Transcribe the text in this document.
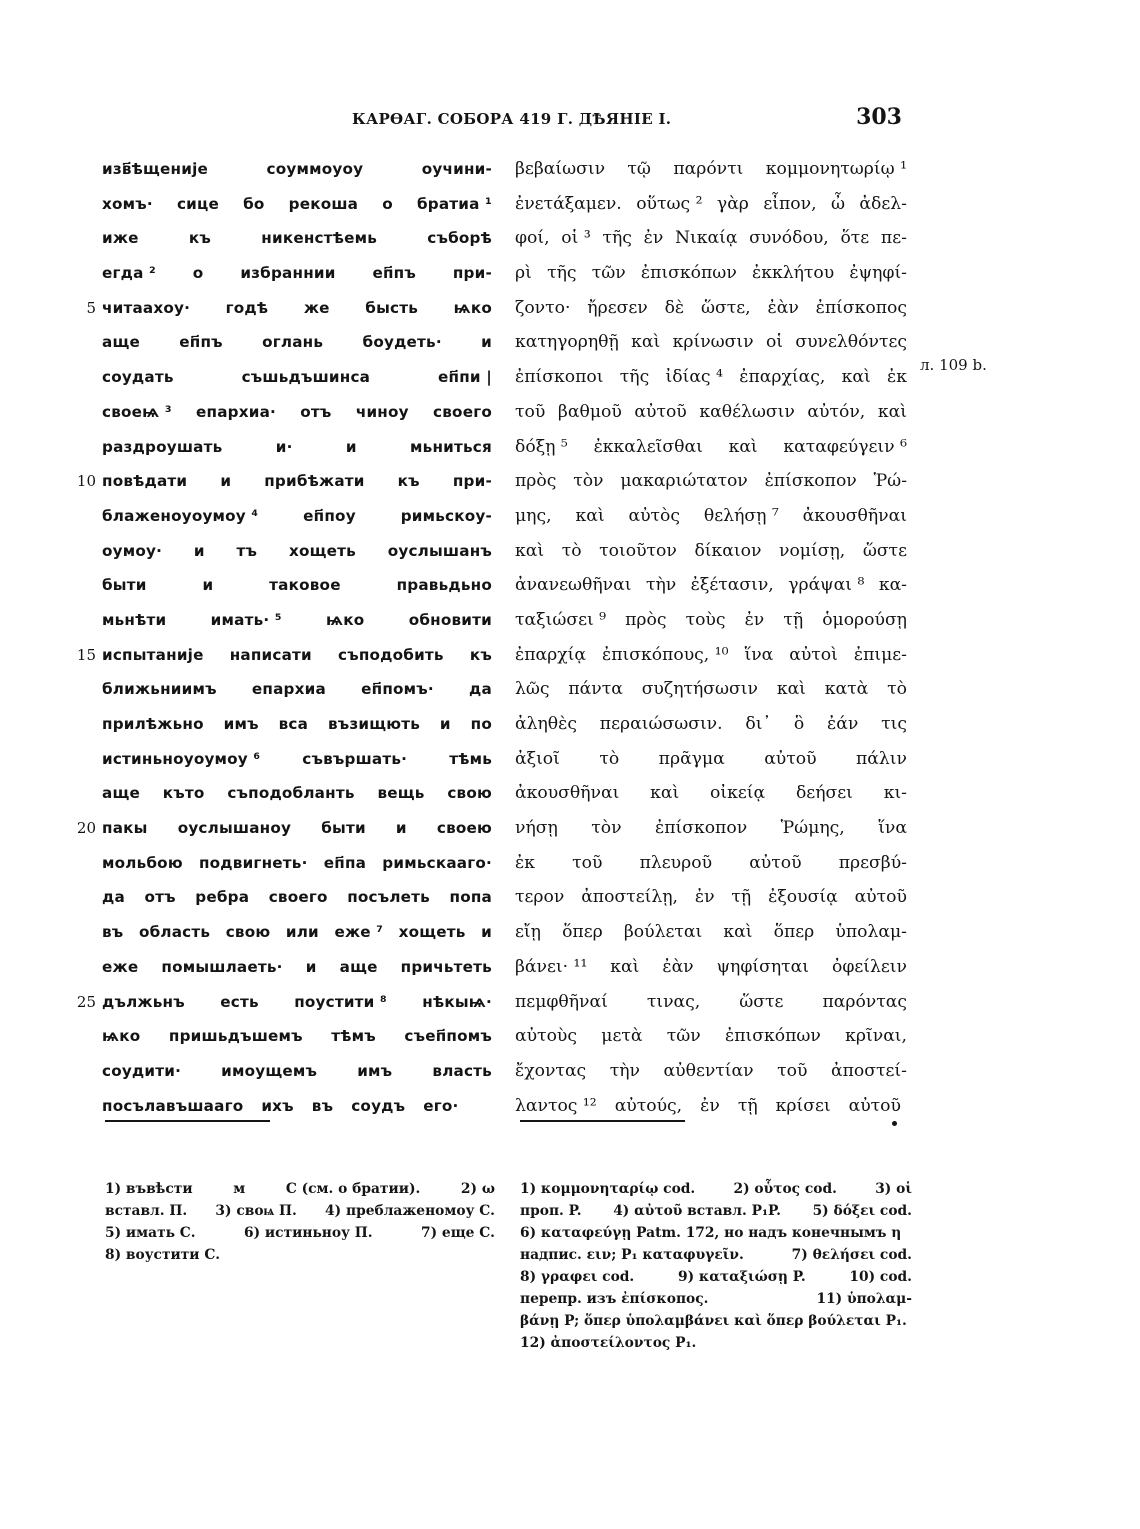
КАРѲАГ. СОБОРА 419 Г. ДѢЯНІЕ І.	303
5
10
15
20
25
изв҃ѣщеније	соуммоуоу	оучини-
хомъ· сице бо рекоша о братиа ¹
иже	къ	никенстѣемь	съборѣ
егда ² о избраннии еп҃пъ при-
читаахоу· годѣ же бысть ѩко
аще	еп҃пъ	оглань	боудеть·	и
соудать	съшьдъшинса	еп҃пи |
своеѩ ³ епархиа· отъ чиноу своего
раздроушать	и·	и	мьниться
повѣдати и прибѣжати къ при-
блаженоуоумоу ⁴	еп҃поу	римьскоу-
оумоу· и тъ хощеть оуслышанъ
быти	и	таковое	правьдьно
мьнѣти	имать· ⁵	ѩко	обновити
испытаније написати съподобить къ
ближьниимъ епархиа еп҃помъ· да
прилѣжьно имъ вса възищють и по
истиньноуоумоу ⁶	съвършать·	тѣмь
аще къто съподобланть вещь свою
пакы оуслышаноу быти и своею
мольбою подвигнеть· еп҃па римьскааго·
да отъ ребра своего посълеть попа
въ область свою или еже ⁷ хощеть и
еже помышлаеть· и аще причьтеть
дължьнъ есть поустити ⁸ нѣкыѩ·
ѩко пришьдъшемъ тѣмъ съеп҃помъ
соудити·	имоущемъ	имъ	власть
посълавъшааго ихъ въ соудъ его·
βεβαίωσιν τῷ παρόντι κομμονητωρίῳ ¹
ἐνετάξαμεν. οὕτως ² γὰρ εἶπον, ὦ ἀδελ-
φοί, οἱ ³ τῆς ἐν Νικαίᾳ συνόδου, ὅτε πε-
ρὶ τῆς τῶν ἐπισκόπων ἐκκλήτου ἐψηφί-
ζοντο· ἤρεσεν δὲ ὥστε, ἐὰν ἐπίσκοπος
κατηγορηθῇ καὶ κρίνωσιν οἱ συνελθόντες
ἐπίσκοποι τῆς ἰδίας ⁴ ἐπαρχίας, καὶ ἐκ
τοῦ βαθμοῦ αὐτοῦ καθέλωσιν αὐτόν, καὶ
δόξῃ ⁵ ἐκκαλεῖσθαι καὶ καταφεύγειν ⁶
πρὸς τὸν μακαριώτατον ἐπίσκοπον Ῥώ-
μης, καὶ αὐτὸς θελήσῃ ⁷ ἀκουσθῆναι
καὶ τὸ τοιοῦτον δίκαιον νομίσῃ, ὥστε
ἀνανεωθῆναι τὴν ἐξέτασιν, γράψαι ⁸ κα-
ταξιώσει ⁹ πρὸς τοὺς ἐν τῇ ὁμορούσῃ
ἐπαρχίᾳ ἐπισκόπους, ¹⁰ ἵνα αὐτοὶ ἐπιμε-
λῶς πάντα συζητήσωσιν καὶ κατὰ τὸ
ἀληθὲς περαιώσωσιν. δι᾽ ὃ ἐάν τις
ἀξιοῖ τὸ πρᾶγμα αὐτοῦ πάλιν
ἀκουσθῆναι καὶ οἰκείᾳ δεήσει κι-
νήσῃ τὸν ἐπίσκοπον Ῥώμης, ἵνα
ἐκ τοῦ πλευροῦ αὐτοῦ πρεσβύ-
τερον ἀποστείλῃ, ἐν τῇ ἐξουσίᾳ αὐτοῦ
εἴῃ ὅπερ βούλεται καὶ ὅπερ ὑπολαμ-
βάνει· ¹¹ καὶ ἐὰν ψηφίσηται ὀφείλειν
πεμφθῆναί τινας, ὥστε παρόντας
αὐτοὺς μετὰ τῶν ἐπισκόπων κρῖναι,
ἔχοντας τὴν αὐθεντίαν τοῦ ἀποστεί-
λαντος ¹² αὐτούς, ἐν τῇ κρίσει αὐτοῦ
л. 109 b.
1) въвѣсти	м	С (см. о братии).	2) ω
вставл. П. 3) своѩ П. 4) преблаженомоу С.
5) имать С.	6) истиньноу П.	7) еще С.
8) воустити С.
1) κομμονηταρίῳ cod.	2) οὗτος cod.	3) οἱ
проп. P. 4) αὐτοῦ вставл. P₁P. 5) δόξει cod.
6) καταφεύγῃ Patm. 172, но надъ конечнымъ η
надпис. ειν; P₁ καταφυγεῖν.	7) θελήσει cod.
8) γραφει cod.	9) καταξιώσῃ P.	10) cod.
перепр. изъ ἐπίσκοπος.	11) ὑπολαμ-
βάνῃ P; ὅπερ ὑπολαμβάνει καὶ ὅπερ βούλεται P₁.
12) ἀποστείλοντος P₁.
